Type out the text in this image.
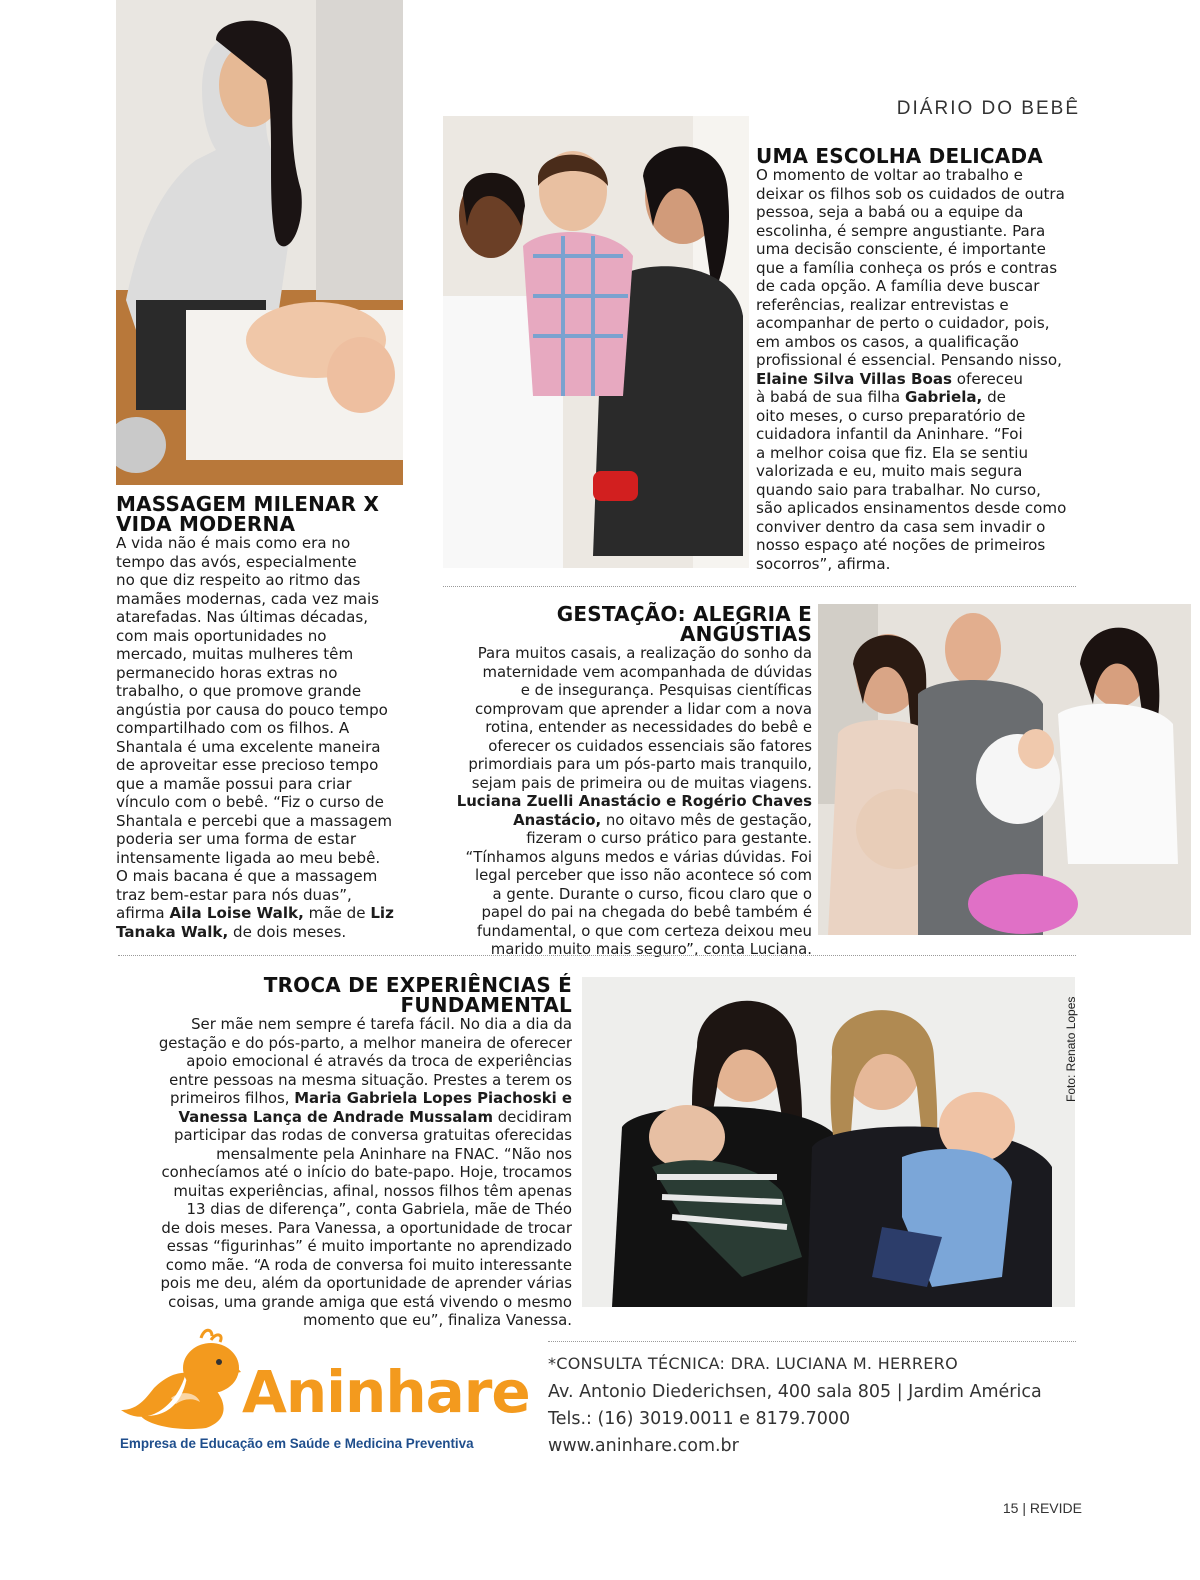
DIÁRIO DO BEBÊ
UMA ESCOLHA DELICADA
O momento de voltar ao trabalho e
deixar os filhos sob os cuidados de outra
pessoa, seja a babá ou a equipe da
escolinha, é sempre angustiante. Para
uma decisão consciente, é importante
que a família conheça os prós e contras
de cada opção. A família deve buscar
referências, realizar entrevistas e
acompanhar de perto o cuidador, pois,
em ambos os casos, a qualificação
profissional é essencial. Pensando nisso,
Elaine Silva Villas Boas ofereceu
à babá de sua filha Gabriela, de
oito meses, o curso preparatório de
cuidadora infantil da Aninhare. “Foi
a melhor coisa que fiz. Ela se sentiu
valorizada e eu, muito mais segura
quando saio para trabalhar. No curso,
são aplicados ensinamentos desde como
conviver dentro da casa sem invadir o
nosso espaço até noções de primeiros
socorros”, afirma.
MASSAGEM MILENAR X
VIDA MODERNA
A vida não é mais como era no
tempo das avós, especialmente
no que diz respeito ao ritmo das
mamães modernas, cada vez mais
atarefadas. Nas últimas décadas,
com mais oportunidades no
mercado, muitas mulheres têm
permanecido horas extras no
trabalho, o que promove grande
angústia por causa do pouco tempo
compartilhado com os filhos. A
Shantala é uma excelente maneira
de aproveitar esse precioso tempo
que a mamãe possui para criar
vínculo com o bebê. “Fiz o curso de
Shantala e percebi que a massagem
poderia ser uma forma de estar
intensamente ligada ao meu bebê.
O mais bacana é que a massagem
traz bem-estar para nós duas”,
afirma Aila Loise Walk, mãe de Liz
Tanaka Walk, de dois meses.
GESTAÇÃO: ALEGRIA E ANGÚSTIAS
Para muitos casais, a realização do sonho da
maternidade vem acompanhada de dúvidas
e de insegurança. Pesquisas científicas
comprovam que aprender a lidar com a nova
rotina, entender as necessidades do bebê e
oferecer os cuidados essenciais são fatores
primordiais para um pós-parto mais tranquilo,
sejam pais de primeira ou de muitas viagens.
Luciana Zuelli Anastácio e Rogério Chaves
Anastácio, no oitavo mês de gestação,
fizeram o curso prático para gestante.
“Tínhamos alguns medos e várias dúvidas. Foi
legal perceber que isso não acontece só com
a gente. Durante o curso, ficou claro que o
papel do pai na chegada do bebê também é
fundamental, o que com certeza deixou meu
marido muito mais seguro”, conta Luciana.
TROCA DE EXPERIÊNCIAS É FUNDAMENTAL
Ser mãe nem sempre é tarefa fácil. No dia a dia da
gestação e do pós-parto, a melhor maneira de oferecer
apoio emocional é através da troca de experiências
entre pessoas na mesma situação. Prestes a terem os
primeiros filhos, Maria Gabriela Lopes Piachoski e
Vanessa Lança de Andrade Mussalam decidiram
participar das rodas de conversa gratuitas oferecidas
mensalmente pela Aninhare na FNAC. “Não nos
conhecíamos até o início do bate-papo. Hoje, trocamos
muitas experiências, afinal, nossos filhos têm apenas
13 dias de diferença”, conta Gabriela, mãe de Théo
de dois meses. Para Vanessa, a oportunidade de trocar
essas “figurinhas” é muito importante no aprendizado
como mãe. “A roda de conversa foi muito interessante
pois me deu, além da oportunidade de aprender várias
coisas, uma grande amiga que está vivendo o mesmo
momento que eu”, finaliza Vanessa.
Foto: Renato Lopes
Aninhare
Empresa de Educação em Saúde e Medicina Preventiva
*CONSULTA TÉCNICA: DRA. LUCIANA M. HERRERO
Av. Antonio Diederichsen, 400 sala 805 | Jardim América
Tels.: (16) 3019.0011 e 8179.7000
www.aninhare.com.br
15 | REVIDE
